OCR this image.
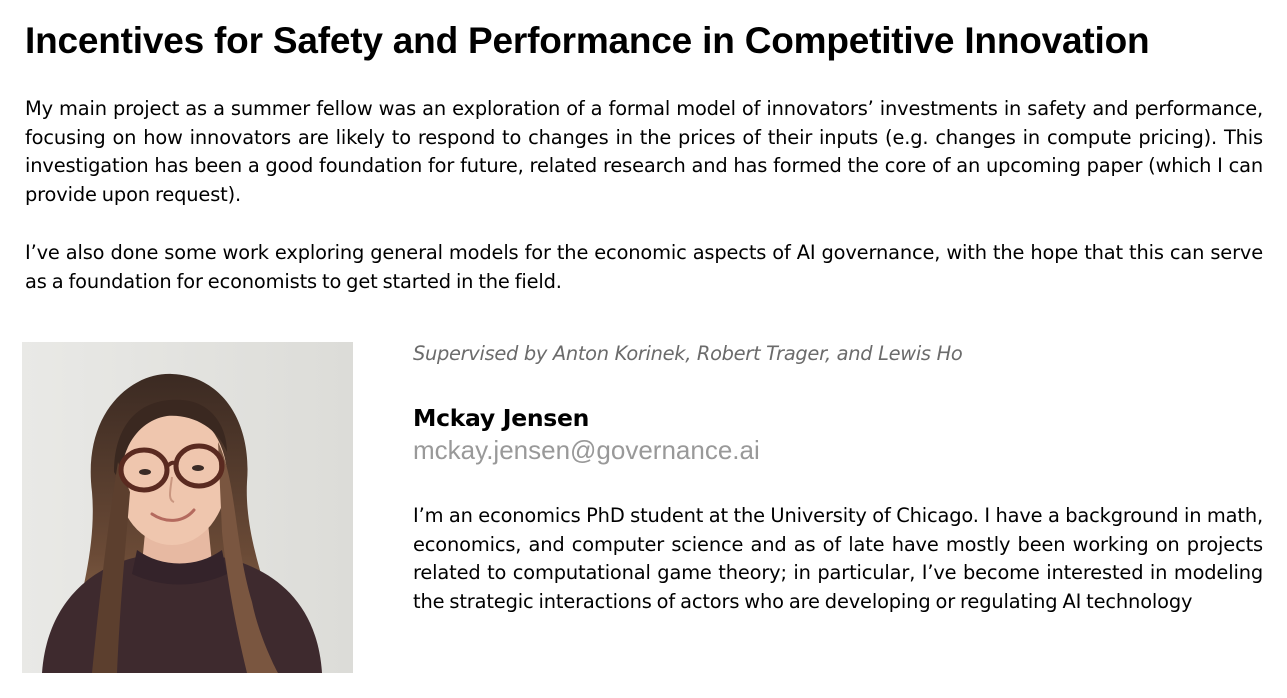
Incentives for Safety and Performance in Competitive Innovation

My main project as a summer fellow was an exploration of a formal model of innovators’ investments in safety and performance, focusing on how innovators are likely to respond to changes in the prices of their inputs (e.g. changes in compute pricing). This investigation has been a good foundation for future, related research and has formed the core of an upcoming paper (which I can provide upon request).

I’ve also done some work exploring general models for the economic aspects of AI governance, with the hope that this can serve as a foundation for economists to get started in the field.

Supervised by Anton Korinek, Robert Trager, and Lewis Ho

Mckay Jensen

mckay.jensen@governance.ai

I’m an economics PhD student at the University of Chicago. I have a background in math, economics, and computer science and as of late have mostly been working on projects related to computational game theory; in particular, I’ve become interested in modeling the strategic interactions of actors who are developing or regulating AI technology
